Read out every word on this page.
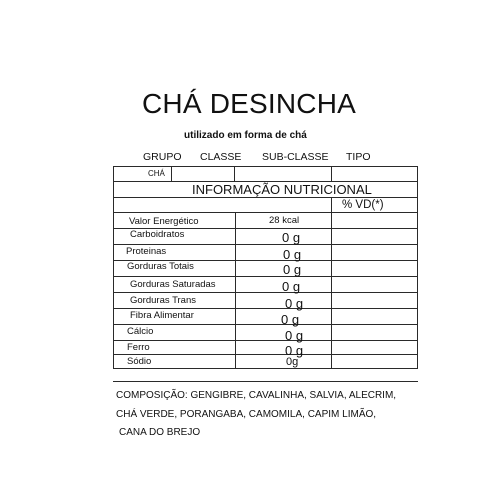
CHÁ DESINCHA
utilizado em forma de chá
GRUPO CLASSE SUB-CLASSE TIPO
CHÁ
INFORMAÇÃO NUTRICIONAL
% VD(*)
Valor Energético	28 kcal
Carboidratos	0 g
Proteinas	0 g
Gorduras Totais	0 g
Gorduras Saturadas	0 g
Gorduras Trans	0 g
Fibra Alimentar	0 g
Cálcio	0 g
Ferro	0 g
Sódio	0g
COMPOSIÇÃO: GENGIBRE, CAVALINHA, SALVIA, ALECRIM,
CHÁ VERDE, PORANGABA, CAMOMILA, CAPIM LIMÃO,
CANA DO BREJO
